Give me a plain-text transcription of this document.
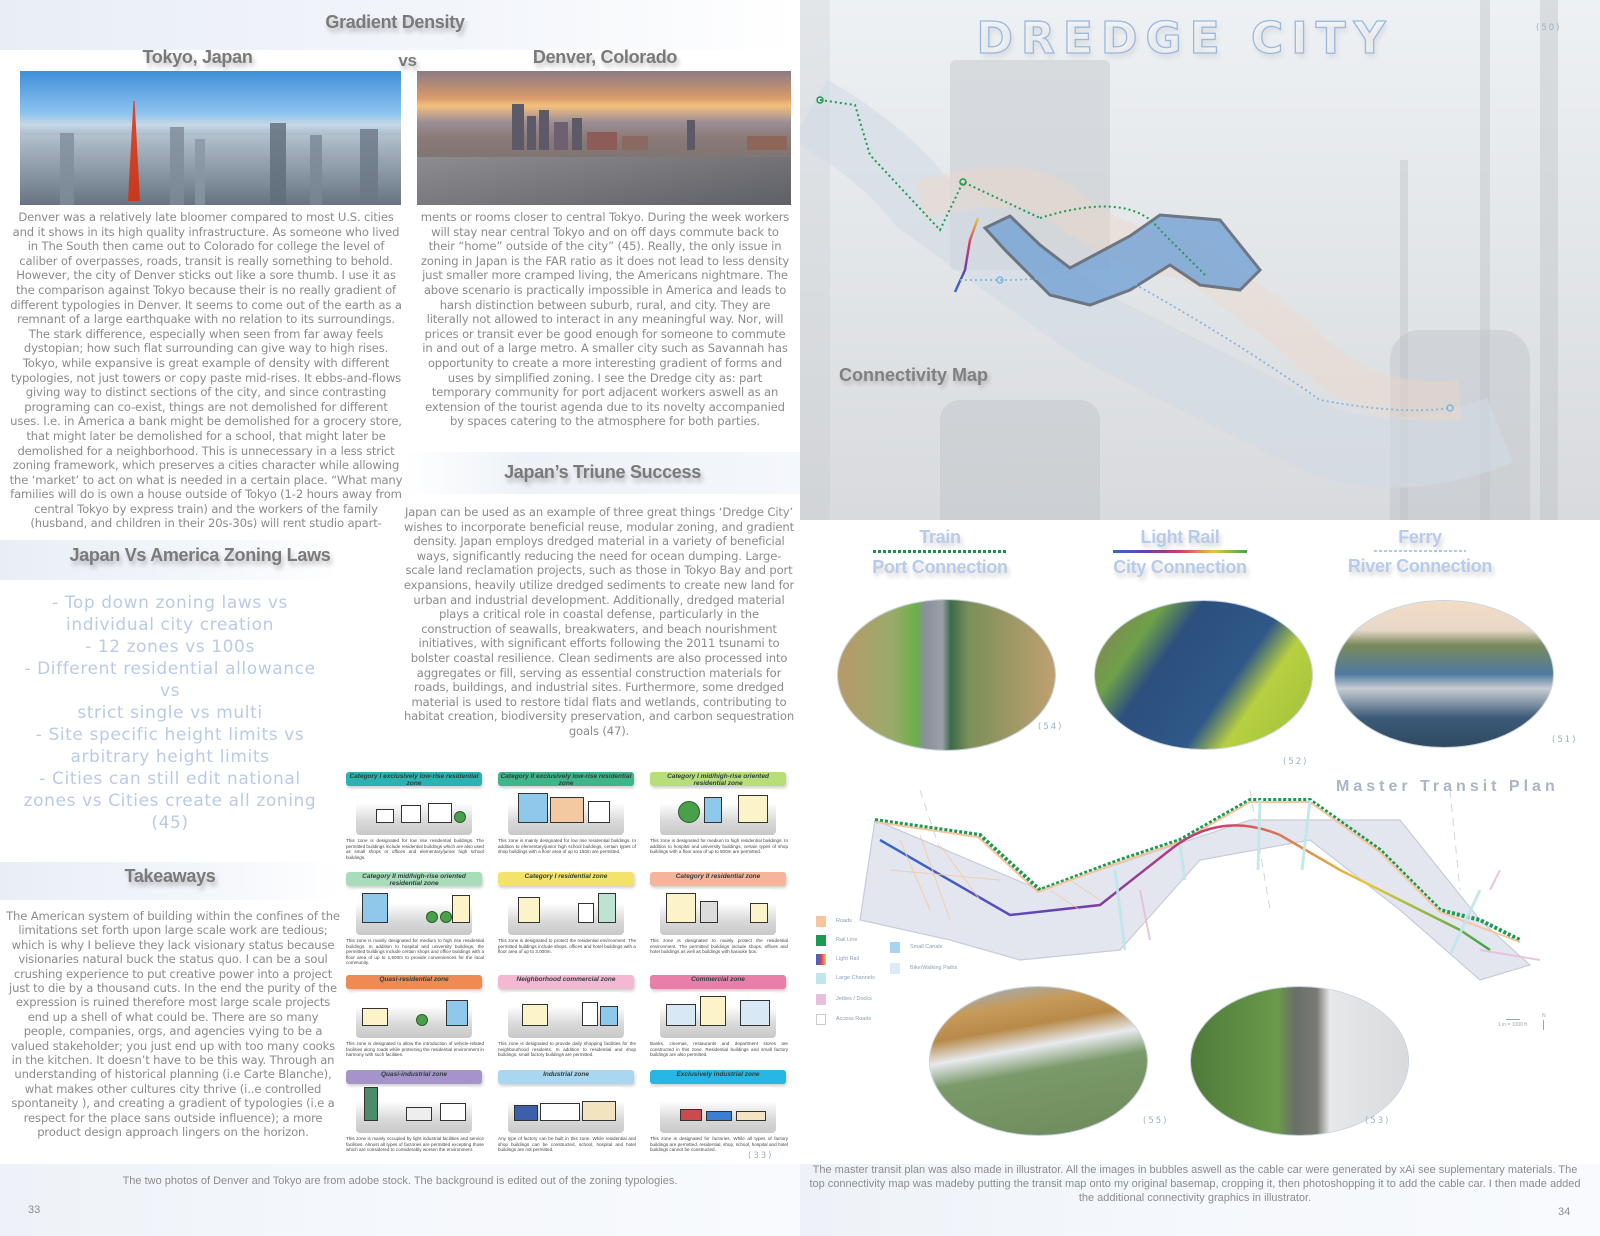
Gradient Density
Tokyo, Japan	vs	Denver, Colorado
Denver was a relatively late bloomer compared to most U.S. cities and it shows in its high quality infrastructure. As someone who lived in The South then came out to Colorado for college the level of caliber of overpasses, roads, transit is really something to behold. However, the city of Denver sticks out like a sore thumb. I use it as the comparison against Tokyo because their is no really gradient of different typologies in Denver. It seems to come out of the earth as a remnant of a large earthquake with no relation to its surroundings. The stark difference, especially when seen from far away feels dystopian; how such flat surrounding can give way to high rises. Tokyo, while expansive is great example of density with different typologies, not just towers or copy paste mid-rises. It ebbs-and-flows giving way to distinct sections of the city, and since contrasting programing can co-exist, things are not demolished for different uses. I.e. in America a bank might be demolished for a grocery store, that might later be demolished for a school, that might later be demolished for a neighborhood. This is unnecessary in a less strict zoning framework, which preserves a cities character while allowing the ‘market’ to act on what is needed in a certain place. “What many families will do is own a house outside of Tokyo (1-2 hours away from central Tokyo by express train) and the workers of the family (husband, and children in their 20s-30s) will rent studio apart-
ments or rooms closer to central Tokyo. During the week workers will stay near central Tokyo and on off days commute back to their “home” outside of the city” (45). Really, the only issue in zoning in Japan is the FAR ratio as it does not lead to less density just smaller more cramped living, the Americans nightmare. The above scenario is practically impossible in America and leads to harsh distinction between suburb, rural, and city. They are literally not allowed to interact in any meaningful way. Nor, will prices or transit ever be good enough for someone to commute in and out of a large metro. A smaller city such as Savannah has opportunity to create a more interesting gradient of forms and uses by simplified zoning. I see the Dredge city as: part temporary community for port adjacent workers aswell as an extension of the tourist agenda due to its novelty accompanied by spaces catering to the atmosphere for both parties.
Japan’s Triune Success
Japan can be used as an example of three great things ‘Dredge City’ wishes to incorporate beneficial reuse, modular zoning, and gradient density. Japan employs dredged material in a variety of beneficial ways, significantly reducing the need for ocean dumping. Large-scale land reclamation projects, such as those in Tokyo Bay and port expansions, heavily utilize dredged sediments to create new land for urban and industrial development. Additionally, dredged material plays a critical role in coastal defense, particularly in the construction of seawalls, breakwaters, and beach nourishment initiatives, with significant efforts following the 2011 tsunami to bolster coastal resilience. Clean sediments are also processed into aggregates or fill, serving as essential construction materials for roads, buildings, and industrial sites. Furthermore, some dredged material is used to restore tidal flats and wetlands, contributing to habitat creation, biodiversity preservation, and carbon sequestration goals (47).
Japan Vs America Zoning Laws
- Top down zoning laws vs
individual city creation
- 12 zones vs 100s
- Different residential allowance
vs
strict single vs multi
- Site specific height limits vs
arbitrary height limits
- Cities can still edit national
zones vs Cities create all zoning
(45)
Takeaways
The American system of building within the confines of the limitations set forth upon large scale work are tedious; which is why I believe they lack visionary status because visionaries natural buck the status quo. I can be a soul crushing experience to put creative power into a project just to die by a thousand cuts. In the end the purity of the expression is ruined therefore most large scale projects end up a shell of what could be. There are so many people, companies, orgs, and agencies vying to be a valued stakeholder; you just end up with too many cooks in the kitchen. It doesn’t have to be this way. Through an understanding of historical planning (i.e Carte Blanche), what makes other cultures city thrive (i..e controlled spontaneity ), and creating a gradient of typologies (i.e a respect for the place sans outside influence); a more product design approach lingers on the horizon.
Category I exclusively low-rise residential zone
This zone is designated for low rise residential buildings. The permitted buildings include residential buildings which are also used as small shops or offices and elementary/junior high school buildings.
Category II exclusively low-rise residential zone
This zone is mainly designated for low rise residential buildings. In addition to elementary/junior high school buildings, certain types of shop buildings with a floor area of up to 150m are permitted.
Category I mid/high-rise oriented residential zone
This zone is designated for medium to high residential buildings. In addition to hospital and university buildings, certain types of shop buildings with a floor area of up to 500m are permitted.
Category II mid/high-rise oriented residential zone
This zone is mainly designated for medium to high rise residential buildings. In addition to hospital and university buildings, the permitted buildings include certain shops and office buildings with a floor area of up to 1,500m to provide conveniences for the local community.
Category I residential zone
This zone is designated to protect the residential environment. The permitted buildings include shops, offices and hotel buildings with a floor area of up to 3,000m.
Category II residential zone
This zone is designated to mainly protect the residential environment. The permitted buildings include shops, offices and hotel buildings as well as buildings with karaoke box.
Quasi-residential zone
This zone is designated to allow the introduction of vehicle-related facilities along roads while protecting the residential environment in harmony with such facilities.
Neighborhood commercial zone
This zone is designated to provide daily shopping facilities for the neighbourhood residents. In addition to residential and shop buildings, small factory buildings are permitted.
Commercial zone
Banks, cinemas, restaurants and department stores are constructed in this zone. Residential buildings and small factory buildings are also permitted.
Quasi-industrial zone
This zone is mainly occupied by light industrial facilities and service facilities. Almost all types of factories are permitted excepting those which are considered to considerably worsen the environment.
Industrial zone
Any type of factory can be built in this zone. While residential and shop buildings can be constructed, school, hospital and hotel buildings are not permitted.
Exclusively industrial zone
This zone is designated for factories. While all types of factory buildings are permitted, residential, shop, school, hospital and hotel buildings cannot be constructed.
(33)
The two photos of Denver and Tokyo are from adobe stock. The background is edited out of the zoning typologies.
33
DREDGE CITY	(50)
Connectivity Map
Train
Port Connection
Light Rail
City Connection
Ferry
River Connection
(54)
(52)
(51)
(55)	(53)
Master Transit Plan
Roads
Rail Line
Light Rail
Large Channels
Jetties / Docks
Access Roads
Small Canals
Bike/Walking Paths
1 in = 1000 ft
N
The master transit plan was also made in illustrator. All the images in bubbles aswell as the cable car were generated by xAi see suplementary materials. The top connectivity map was madeby putting the transit map onto my original basemap, cropping it, then photoshopping it to add the cable car. I then made added the additional connectivity graphics in illustrator.
34
